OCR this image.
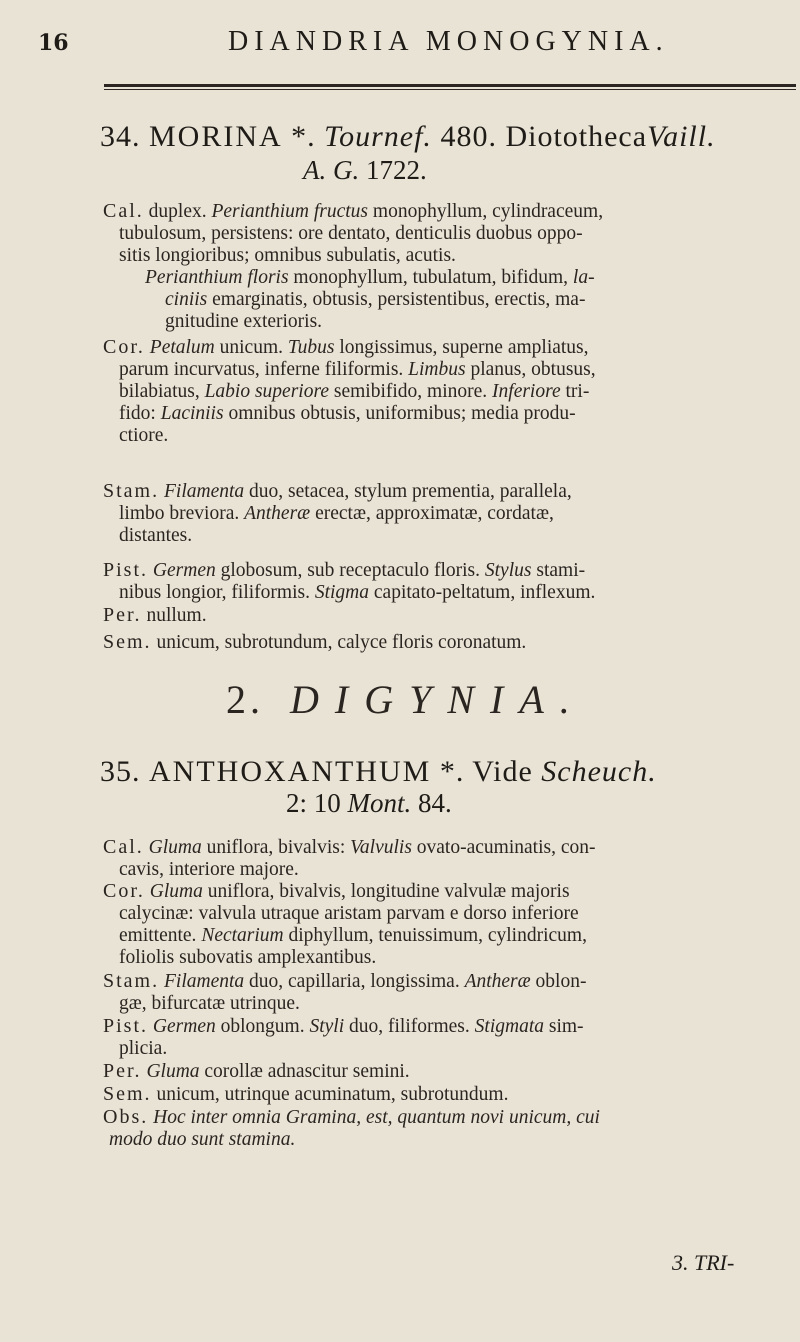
16	DIANDRIA MONOGYNIA.
34. MORINA *. Tournef. 480. DiotothecaVaill.
A. G. 1722.
Cal. duplex. Perianthium fructus monophyllum, cylindraceum,
tubulosum, persistens: ore dentato, denticulis duobus oppo-
sitis longioribus; omnibus subulatis, acutis.
Perianthium floris monophyllum, tubulatum, bifidum, la-
ciniis emarginatis, obtusis, persistentibus, erectis, ma-
gnitudine exterioris.
Cor. Petalum unicum. Tubus longissimus, superne ampliatus,
parum incurvatus, inferne filiformis. Limbus planus, obtusus,
bilabiatus, Labio superiore semibifido, minore. Inferiore tri-
fido: Laciniis omnibus obtusis, uniformibus; media produ-
ctiore.
Stam. Filamenta duo, setacea, stylum prementia, parallela,
limbo breviora. Antheræ erectæ, approximatæ, cordatæ,
distantes.
Pist. Germen globosum, sub receptaculo floris. Stylus stami-
nibus longior, filiformis. Stigma capitato-peltatum, inflexum.
Per. nullum.
Sem. unicum, subrotundum, calyce floris coronatum.
2. DIGYNIA.
35. ANTHOXANTHUM *. Vide Scheuch.
2: 10 Mont. 84.
Cal. Gluma uniflora, bivalvis: Valvulis ovato-acuminatis, con-
cavis, interiore majore.
Cor. Gluma uniflora, bivalvis, longitudine valvulæ majoris
calycinæ: valvula utraque aristam parvam e dorso inferiore
emittente. Nectarium diphyllum, tenuissimum, cylindricum,
foliolis subovatis amplexantibus.
Stam. Filamenta duo, capillaria, longissima. Antheræ oblon-
gæ, bifurcatæ utrinque.
Pist. Germen oblongum. Styli duo, filiformes. Stigmata sim-
plicia.
Per. Gluma corollæ adnascitur semini.
Sem. unicum, utrinque acuminatum, subrotundum.
Obs. Hoc inter omnia Gramina, est, quantum novi unicum, cui
modo duo sunt stamina.
3. TRI-
